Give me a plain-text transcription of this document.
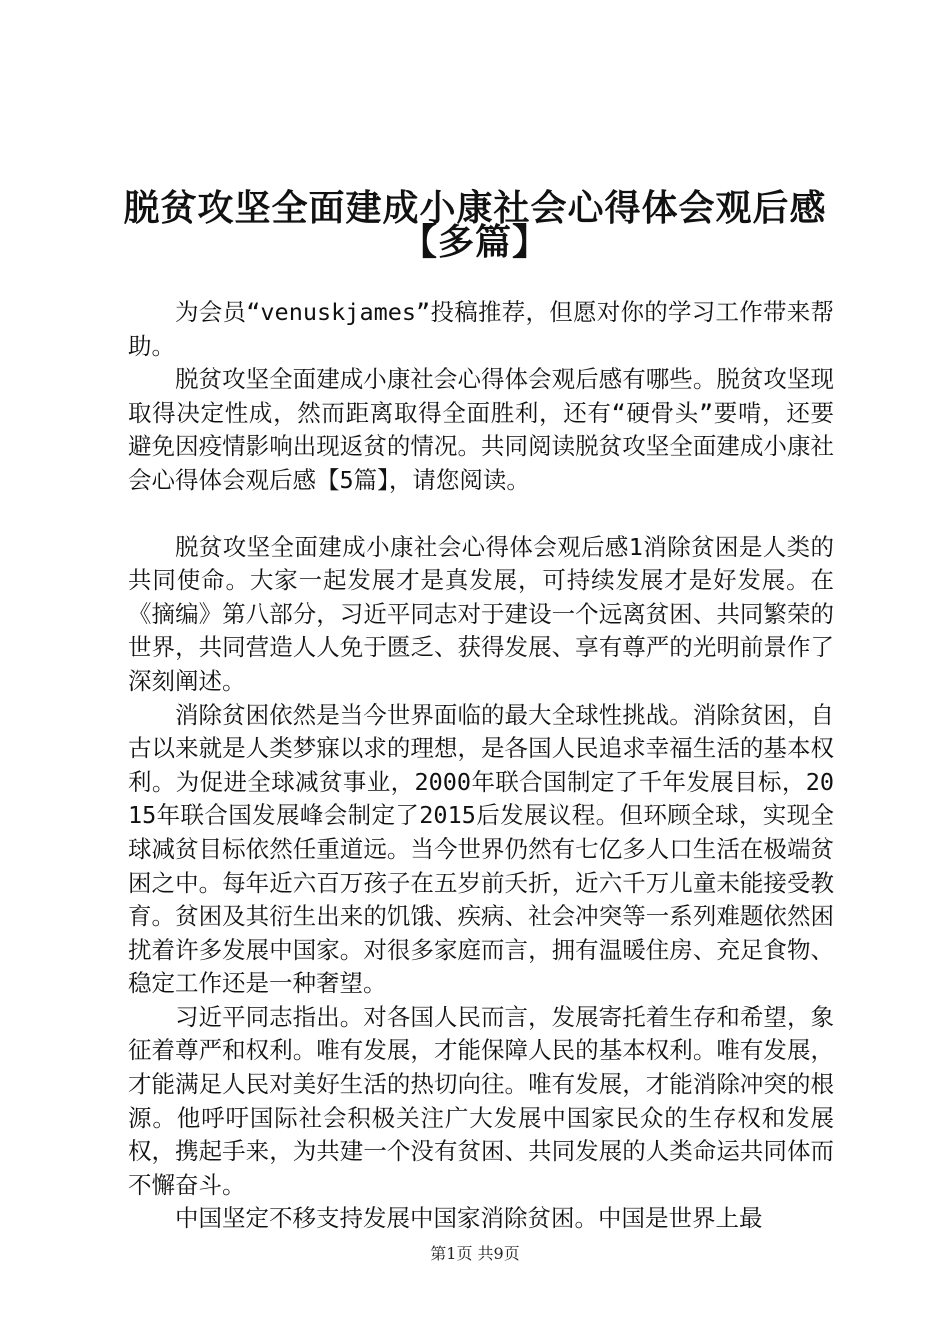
脱贫攻坚全面建成小康社会心得体会观后感
【多篇】

为会员“venuskjames”投稿推荐，但愿对你的学习工作带来帮助。

脱贫攻坚全面建成小康社会心得体会观后感有哪些。脱贫攻坚现取得决定性成，然而距离取得全面胜利，还有“硬骨头”要啃，还要避免因疫情影响出现返贫的情况。共同阅读脱贫攻坚全面建成小康社会心得体会观后感【5篇】，请您阅读。

脱贫攻坚全面建成小康社会心得体会观后感1消除贫困是人类的共同使命。大家一起发展才是真发展，可持续发展才是好发展。在《摘编》第八部分，习近平同志对于建设一个远离贫困、共同繁荣的世界，共同营造人人免于匮乏、获得发展、享有尊严的光明前景作了深刻阐述。

消除贫困依然是当今世界面临的最大全球性挑战。消除贫困，自古以来就是人类梦寐以求的理想，是各国人民追求幸福生活的基本权利。为促进全球减贫事业，2000年联合国制定了千年发展目标，2015年联合国发展峰会制定了2015后发展议程。但环顾全球，实现全球减贫目标依然任重道远。当今世界仍然有七亿多人口生活在极端贫困之中。每年近六百万孩子在五岁前夭折，近六千万儿童未能接受教育。贫困及其衍生出来的饥饿、疾病、社会冲突等一系列难题依然困扰着许多发展中国家。对很多家庭而言，拥有温暖住房、充足食物、稳定工作还是一种奢望。

习近平同志指出。对各国人民而言，发展寄托着生存和希望，象征着尊严和权利。唯有发展，才能保障人民的基本权利。唯有发展，才能满足人民对美好生活的热切向往。唯有发展，才能消除冲突的根源。他呼吁国际社会积极关注广大发展中国家民众的生存权和发展权，携起手来，为共建一个没有贫困、共同发展的人类命运共同体而不懈奋斗。

中国坚定不移支持发展中国家消除贫困。中国是世界上最

第1页 共9页
